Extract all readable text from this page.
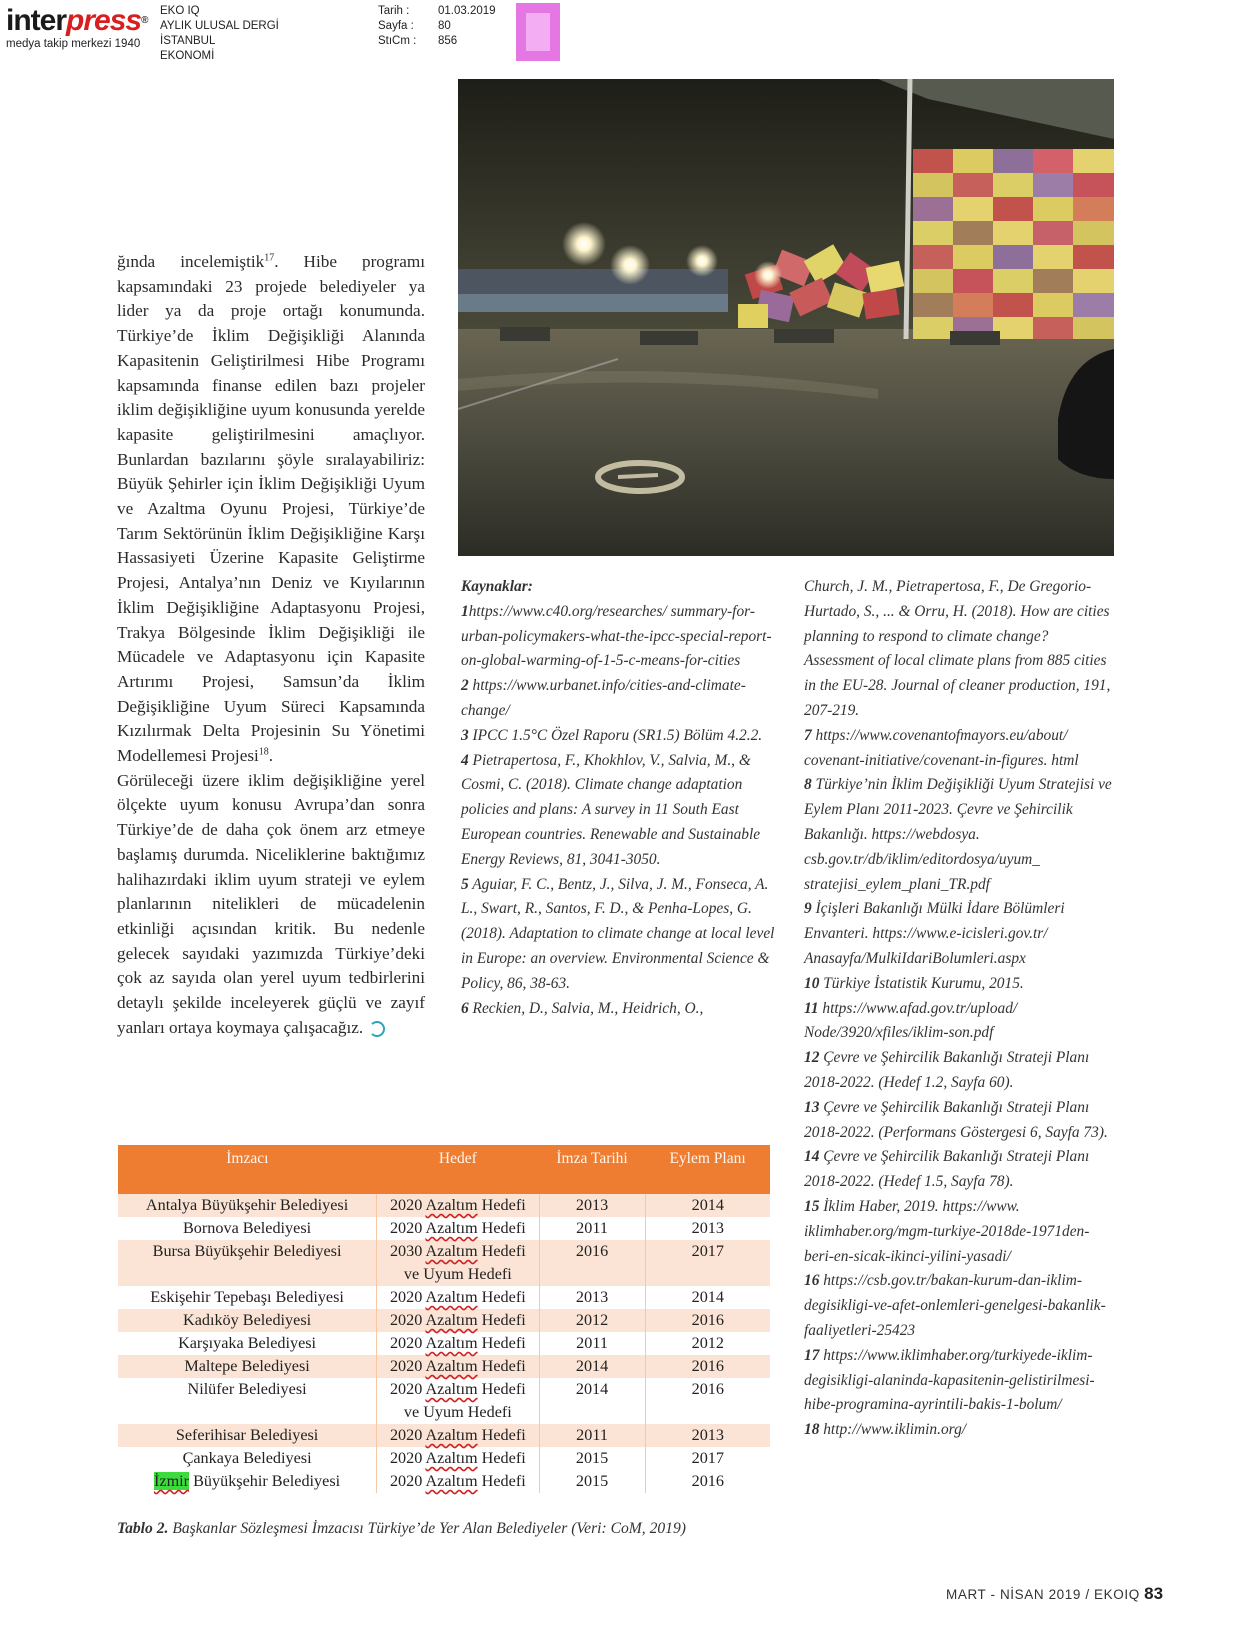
interpress®
medya takip merkezi 1940
EKO IQ
AYLIK ULUSAL DERGİ
İSTANBUL
EKONOMİ
Tarih :	01.03.2019
Sayfa :	80
StıCm :	856

ğında incelemiştik$^{17}$. Hibe programı kapsamındaki 23 projede belediyeler ya lider ya da proje ortağı konumunda. Türkiye’de İklim Değişikliği Alanında Kapasitenin Geliştirilmesi Hibe Programı kapsamında finanse edilen bazı projeler iklim değişikliğine uyum konusunda yerelde kapasite geliştirilmesini amaçlıyor. Bunlardan bazılarını şöyle sıralayabiliriz: Büyük Şehirler için İklim Değişikliği Uyum ve Azaltma Oyunu Projesi, Türkiye’de Tarım Sektörünün İklim Değişikliğine Karşı Hassasiyeti Üzerine Kapasite Geliştirme Projesi, Antalya’nın Deniz ve Kıyılarının İklim Değişikliğine Adaptasyonu Projesi, Trakya Bölgesinde İklim Değişikliği ile Mücadele ve Adaptasyonu için Kapasite Artırımı Projesi, Samsun’da İklim Değişikliğine Uyum Süreci Kapsamında Kızılırmak Delta Projesinin Su Yönetimi Modellemesi Projesi$^{18}$.

Görüleceği üzere iklim değişikliğine yerel ölçekte uyum konusu Avrupa’dan sonra Türkiye’de de daha çok önem arz etmeye başlamış durumda. Niceliklerine baktığımız halihazırdaki iklim uyum strateji ve eylem planlarının nitelikleri de mücadelenin etkinliği açısından kritik. Bu nedenle gelecek sayıdaki yazımızda Türkiye’deki çok az sayıda olan yerel uyum tedbirlerini detaylı şekilde inceleyerek güçlü ve zayıf yanları ortaya koymaya çalışacağız.

Kaynaklar:
1https://www.c40.org/researches/ summary-for-urban-policymakers-what-the-ipcc-special-report-on-global-warming-of-1-5-c-means-for-cities
2 https://www.urbanet.info/cities-and-climate-change/
3 IPCC 1.5°C Özel Raporu (SR1.5) Bölüm 4.2.2.
4 Pietrapertosa, F., Khokhlov, V., Salvia, M., & Cosmi, C. (2018). Climate change adaptation policies and plans: A survey in 11 South East European countries. Renewable and Sustainable Energy Reviews, 81, 3041-3050.
5 Aguiar, F. C., Bentz, J., Silva, J. M., Fonseca, A. L., Swart, R., Santos, F. D., & Penha-Lopes, G. (2018). Adaptation to climate change at local level in Europe: an overview. Environmental Science & Policy, 86, 38-63.
6 Reckien, D., Salvia, M., Heidrich, O.,
Church, J. M., Pietrapertosa, F., De Gregorio-Hurtado, S., ... & Orru, H. (2018). How are cities planning to respond to climate change? Assessment of local climate plans from 885 cities in the EU-28. Journal of cleaner production, 191, 207-219.
7 https://www.covenantofmayors.eu/about/ covenant-initiative/covenant-in-figures. html
8 Türkiye’nin İklim Değişikliği Uyum Stratejisi ve Eylem Planı 2011-2023. Çevre ve Şehircilik Bakanlığı. https://webdosya. csb.gov.tr/db/iklim/editordosya/uyum_ stratejisi_eylem_plani_TR.pdf
9 İçişleri Bakanlığı Mülki İdare Bölümleri Envanteri. https://www.e-icisleri.gov.tr/ Anasayfa/MulkiIdariBolumleri.aspx
10 Türkiye İstatistik Kurumu, 2015.
11 https://www.afad.gov.tr/upload/ Node/3920/xfiles/iklim-son.pdf
12 Çevre ve Şehircilik Bakanlığı Strateji Planı 2018-2022. (Hedef 1.2, Sayfa 60).
13 Çevre ve Şehircilik Bakanlığı Strateji Planı 2018-2022. (Performans Göstergesi 6, Sayfa 73).
14 Çevre ve Şehircilik Bakanlığı Strateji Planı 2018-2022. (Hedef 1.5, Sayfa 78).
15 İklim Haber, 2019. https://www. iklimhaber.org/mgm-turkiye-2018de-1971den-beri-en-sicak-ikinci-yilini-yasadi/
16 https://csb.gov.tr/bakan-kurum-dan-iklim-degisikligi-ve-afet-onlemleri-genelgesi-bakanlik-faaliyetleri-25423
17 https://www.iklimhaber.org/turkiyede-iklim-degisikligi-alaninda-kapasitenin-gelistirilmesi-hibe-programina-ayrintili-bakis-1-bolum/
18 http://www.iklimin.org/
İmzacı	Hedef	İmza Tarihi	Eylem Planı
Antalya Büyükşehir Belediyesi	2020 Azaltım Hedefi	2013	2014
Bornova Belediyesi	2020 Azaltım Hedefi	2011	2013
Bursa Büyükşehir Belediyesi	2030 Azaltım Hedefi
ve Uyum Hedefi	2016	2017
Eskişehir Tepebaşı Belediyesi	2020 Azaltım Hedefi	2013	2014
Kadıköy Belediyesi	2020 Azaltım Hedefi	2012	2016
Karşıyaka Belediyesi	2020 Azaltım Hedefi	2011	2012
Maltepe Belediyesi	2020 Azaltım Hedefi	2014	2016
Nilüfer Belediyesi	2020 Azaltım Hedefi
ve Uyum Hedefi	2014	2016
Seferihisar Belediyesi	2020 Azaltım Hedefi	2011	2013
Çankaya Belediyesi	2020 Azaltım Hedefi	2015	2017
İzmir Büyükşehir Belediyesi	2020 Azaltım Hedefi	2015	2016
Tablo 2. Başkanlar Sözleşmesi İmzacısı Türkiye’de Yer Alan Belediyeler (Veri: CoM, 2019)
MART - NİSAN 2019 / EKOIQ 83
